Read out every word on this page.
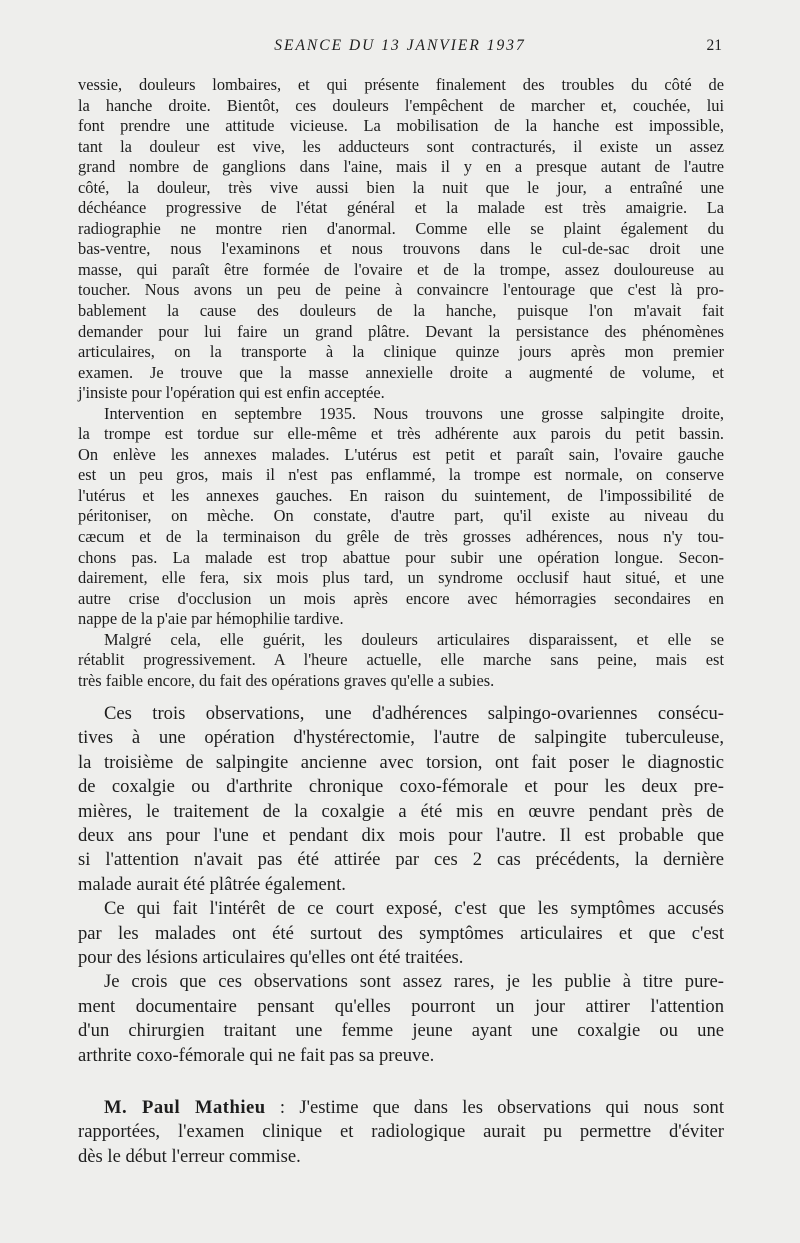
SEANCE DU 13 JANVIER 1937	21

vessie, douleurs lombaires, et qui présente finalement des troubles du côté de

la hanche droite. Bientôt, ces douleurs l'empêchent de marcher et, couchée, lui

font prendre une attitude vicieuse. La mobilisation de la hanche est impossible,

tant la douleur est vive, les adducteurs sont contracturés, il existe un assez

grand nombre de ganglions dans l'aine, mais il y en a presque autant de l'autre

côté, la douleur, très vive aussi bien la nuit que le jour, a entraîné une

déchéance progressive de l'état général et la malade est très amaigrie. La

radiographie ne montre rien d'anormal. Comme elle se plaint également du

bas-ventre, nous l'examinons et nous trouvons dans le cul-de-sac droit une

masse, qui paraît être formée de l'ovaire et de la trompe, assez douloureuse au

toucher. Nous avons un peu de peine à convaincre l'entourage que c'est là pro-

bablement la cause des douleurs de la hanche, puisque l'on m'avait fait

demander pour lui faire un grand plâtre. Devant la persistance des phénomènes

articulaires, on la transporte à la clinique quinze jours après mon premier

examen. Je trouve que la masse annexielle droite a augmenté de volume, et

j'insiste pour l'opération qui est enfin acceptée.

Intervention en septembre 1935. Nous trouvons une grosse salpingite droite,

la trompe est tordue sur elle-même et très adhérente aux parois du petit bassin.

On enlève les annexes malades. L'utérus est petit et paraît sain, l'ovaire gauche

est un peu gros, mais il n'est pas enflammé, la trompe est normale, on conserve

l'utérus et les annexes gauches. En raison du suintement, de l'impossibilité de

péritoniser, on mèche. On constate, d'autre part, qu'il existe au niveau du

cæcum et de la terminaison du grêle de très grosses adhérences, nous n'y tou-

chons pas. La malade est trop abattue pour subir une opération longue. Secon-

dairement, elle fera, six mois plus tard, un syndrome occlusif haut situé, et une

autre crise d'occlusion un mois après encore avec hémorragies secondaires en

nappe de la p'aie par hémophilie tardive.

Malgré cela, elle guérit, les douleurs articulaires disparaissent, et elle se

rétablit progressivement. A l'heure actuelle, elle marche sans peine, mais est

très faible encore, du fait des opérations graves qu'elle a subies.

Ces trois observations, une d'adhérences salpingo-ovariennes consécu-

tives à une opération d'hystérectomie, l'autre de salpingite tuberculeuse,

la troisième de salpingite ancienne avec torsion, ont fait poser le diagnostic

de coxalgie ou d'arthrite chronique coxo-fémorale et pour les deux pre-

mières, le traitement de la coxalgie a été mis en œuvre pendant près de

deux ans pour l'une et pendant dix mois pour l'autre. Il est probable que

si l'attention n'avait pas été attirée par ces 2 cas précédents, la dernière

malade aurait été plâtrée également.

Ce qui fait l'intérêt de ce court exposé, c'est que les symptômes accusés

par les malades ont été surtout des symptômes articulaires et que c'est

pour des lésions articulaires qu'elles ont été traitées.

Je crois que ces observations sont assez rares, je les publie à titre pure-

ment documentaire pensant qu'elles pourront un jour attirer l'attention

d'un chirurgien traitant une femme jeune ayant une coxalgie ou une

arthrite coxo-fémorale qui ne fait pas sa preuve.

M. Paul Mathieu : J'estime que dans les observations qui nous sont

rapportées, l'examen clinique et radiologique aurait pu permettre d'éviter

dès le début l'erreur commise.
